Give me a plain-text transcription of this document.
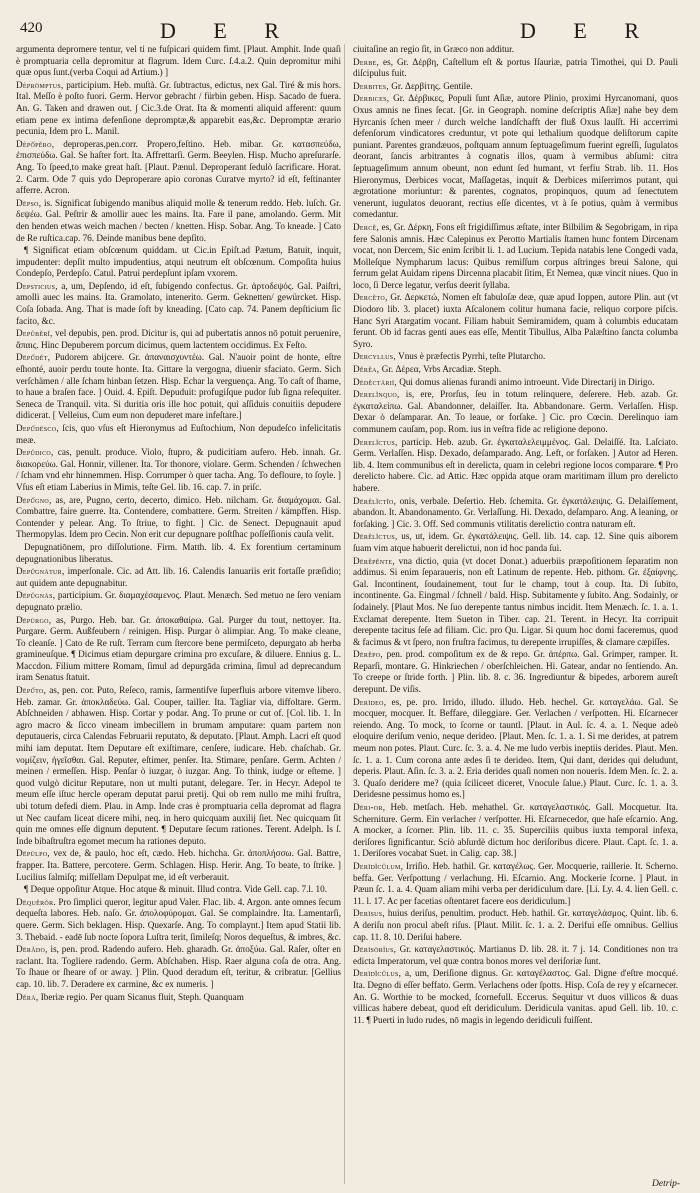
420	D E R	D E R

argumenta depromere tentur, vel ti ne fuſpicari quidem fimt. [Plaut. Amphit. Inde quaſi è promptuaria cella depromitur at flagrum. Idem Curc. ſ.4.a.2. Quin depromitur mihi quæ opus ſunt.(verba Coqui ad Artium.) ]

Dèprōmptus, participium. Heb. muſtà. Gr. ſubtractus, edictus, nex Gal. Tiré & mis hors. Ital. Meſſo è poſto fuori. Germ. Hervor gebracht / fürbin geben. Hisp. Sacado de fuera. An. G. Taken and drawen out. ∫ Cic.3.de Orat. Ita & momenti aliquid afferent: quum etiam pene ex intima defenſione depromptæ,& apparebit eas,&c. Depromptæ ærario pecunia, Idem pro L. Manil.

Dèpŏ́pĕro, deproperas,pen.corr. Propero,feſtino. Heb. mibar. Gr. κατασπεύδω, ἐπισπεύδω. Gal. Se haſter fort. Ita. Affrettarſi. Germ. Beeylen. Hisp. Mucho apreſurarſe. Ang. To ſpeed,to make great haſt. [Plaut. Pænul. Deproperant ſedulò ſacrificare. Horat. 2. Carm. Ode 7 quis ydo Deproperare apio coronas Curatve myrto? id eſt, feſtinanter afferre. Acron.

Dēpſo, is. Significat ſubigendo manibus aliquid molle & tenerum reddo. Heb. luſch. Gr. δεψέω. Gal. Peſtrir & amollir auec les mains. Ita. Fare il pane, amolando. Germ. Mit den henden etwas weich machen / becten / knetten. Hisp. Sobar. Ang. To kneade. ] Cato de Re ruſtica.cap. 76. Deinde manibus bene depſito.

¶ Significat etiam obſcœnum quiddam. ut Cic.in Epiſt.ad Pætum, Batuit, inquit, impudenter: depſit multo impudentius, atqui neutrum eſt obſcœnum. Compoſita huius Condepſo, Perdepſo. Catul. Patrui perdepſunt ipſam vxorem.

Depſticius, a, um, Depſendo, id eſt, ſubigendo confectus. Gr. ἀρτοδεψός. Gal. Paiſtri, amolli auec les mains. Ita. Gramolato, intenerito. Germ. Geknetten/ gewürcket. Hisp. Coſa ſobada. Ang. That is made ſoft by kneading. [Cato cap. 74. Panem depſticium ſic facito, &c.

Depŭbĕrĭ, vel depubis, pen. prod. Dicitur is, qui ad pubertatis annos nō potuit peruenire, ἄπαις. Hinc Depuberem porcum dicimus, quem lactentem occidimus. Ex Feſto.

Dēpŭ́dĕt, Pudorem abijcere. Gr. ἀπαναισχυντέω. Gal. N'auoir point de honte, eſtre eſhonté, auoir perdu toute honte. Ita. Gittare la vergogna, diuenir sfaciato. Germ. Sich verſchämen / alle ſcham hinban ſetzen. Hisp. Echar la verguença. Ang. To caſt of ſhame, to haue a braſen face. ] Ouid. 4. Epiſt. Depuduit: profugiſque pudor ſub ſigna reſequiter. Seneca de Tranquil. vita. Si duritia oris ille hoc potuit, qui aſſiduis conuitiis depudere didicerat. [ Velleius, Cum eum non depuderet mare infeſtare.]

Depŭ́dēſco, ſcis, quo vſus eſt Hieronymus ad Euſtochium, Non depudeſco infelicitatis meæ.

Depŭdico, cas, penult. produce. Violo, ſtupro, & pudicitiam aufero. Heb. innah. Gr. διακορεύω. Gal. Honnir, villener. Ita. Tor thonore, violare. Germ. Schenden / ſchwechen / ſcham vnd ehr hinnemmen. Hisp. Corrumper ò quer tacha. Ang. To defloure, to ſoyle. ] Vſus eſt etiam Laberius in Mimis, teſte Gel. lib. 16. cap. 7. in priſc.

Dēpŭ́gno, as, are, Pugno, certo, decerto, dimico. Heb. nilcham. Gr. διαμάχομαι. Gal. Combattre, faire guerre. Ita. Contendere, combattere. Germ. Streiten / kämpffen. Hisp. Contender y pelear. Ang. To ſtriue, to fight. ] Cic. de Senect. Depugnauit apud Thermopylas. Idem pro Cecin. Non erit cur depugnare poſtſhac poſſeſſionis cauſa velit.

Depugnatiōnem, pro diſſolutione. Firm. Matth. lib. 4. Ex forentium certaminum depugnationibus liberatus.

Depŭ̄gnātur, imperſonale. Cic. ad Att. lib. 16. Calendis Ianuariis erit fortaſſe præſidio; aut quidem ante depugnabitur.

Dēpŭgnās, participium. Gr. διαμαχέσαμενος. Plaut. Menæch. Sed metuo ne ſero veniam depugnato prælio.

Dēpūrgo, as, Purgo. Heb. bar. Gr. ἀποκαθαίρω. Gal. Purger du tout, nettoyer. Ita. Purgare. Germ. Außfeubern / reinigen. Hisp. Purgar ò alimpiar. Ang. To make cleane, To cleanſe. ] Cato de Re ruſt. Terram cum ſtercore bene permiſceto, depurgato ab herba gramineuſque. ¶ Dicimus etiam depurgare crimina pro excuſare, & diluere. Ennius g. L. Maccdon. Filium mittere Romam, ſimul ad depurgāda crimina, ſimul ad deprecandum iram Senatus ſtatuit.

Dēpŭ́to, as, pen. cor. Puto, Reſeco, ramis, ſarmentiſve ſuperfluis arbore vitemve libero. Heb. zamar. Gr. ἀποκλαδεύω. Gal. Couper, tailler. Ita. Tagliar via, diffoltare. Germ. Abſchneiden / abhawen. Hisp. Cortar y podar. Ang. To prune or cut of. [Col. lib. 1. In agro macro & ſicco vineam imbecillem in brumam amputare: quam partem non deputaueris, circa Calendas Februarii reputato, & deputato. [Plaut. Amph. Lacri eſt quod mihi iam deputat. Item Deputare eſt exiſtimare, cenſere, iudicare. Heb. chaſchab. Gr. νομίζειν, ἡγεῖσθαι. Gal. Reputer, eſtimer, penſer. Ita. Stimare, penſare. Germ. Achten / meinen / ermeſſen. Hisp. Penſar ò iuzgar, ò iuzgar. Ang. To think, iudge or eſteme. ] quod vulgò dicitur Reputare, non ut multi putant, delegare. Ter. in Hecyr. Adepol te meum eſſe iſtuc hercle operam deputat parui pretij. Qui ob rem nullo me mihi fruſtra, ubi totum defedi diem. Plau. in Amp. Inde cras è promptuaria cella depromat ad flagra ut Nec caufam liceat dicere mihi, neq. in hero quicquam auxilij ſiet. Nec quicquam ſit quin me omnes eſſe dignum deputent. ¶ Deputare ſecum rationes. Terent. Adelph. Is ſ. Inde bibaſtruſtra egomet mecum ha rationes deputo.

Dēpūlpo, vex de, & paulo, hoc eſt, cædo. Heb. hichcha. Gr. ἀποπλήσσω. Gal. Battre, frapper. Ita. Battere, percotere. Germ. Schlagen. Hisp. Herir. Ang. To beate, to ſtrike. ] Lucilius ſalmiſq; miſſellam Depulpat me, id eſt verberauit.

¶ Deque oppoſitur Atque. Hoc atque & minuit. Illud contra. Vide Gell. cap. 7.l. 10.

Dēquĕrŏr. Pro ſimplici queror, legitur apud Valer. Flac. lib. 4. Argon. ante omnes ſecum dequeſta labores. Heb. naſo. Gr. ἀπολοφύρομαι. Gal. Se complaindre. Ita. Lamentarſi, quere. Germ. Sich beklagen. Hisp. Quexarſe. Ang. To complaynt.] Item apud Statii lib. 3. Thebaid. - eadē ſub nocte ſopora Luſtra terit, ſimileſq; Noros dequeſtus, & imbres, &c.

Dērădo, is, pen. prod. Radendo aufero. Heb. gharadh. Gr. ἀποξύω. Gal. Raſer, oſter en raclant. Ita. Togliere radendo. Germ. Abſchaben. Hisp. Raer alguna coſa de otra. Ang. To ſhaue or ſheare of or away. ] Plin. Quod deradum eſt, teritur, & cribratur. [Gellius cap. 10. lib. 7. Deradere ex carmine, &c ex numeris. ]

Dĕrā, Iberiæ regio. Per quam Sicanus fluit, Steph. Quanquam

ciuitaſine an regio ſit, in Græco non additur.

Derbe, es, Gr. Δέρβη, Caſtellum eſt & portus Iſauriæ, patria Timothei, qui D. Pauli diſcipulus fuit.

Derbites, Gr. Δερβίτης. Gentile.

Derbices, Gr. Δέρβικες, Populi ſunt Aſiæ, autore Plinio, proximi Hyrcanomani, quos Oxus amnis ne fines ſecat. [Gr. in Geograph. nomine deſcriptis Aſiæ] nahe bey dem Hyrcanis ſchen meer / durch welche landſchafft der fluß Oxus lauſſt. Hi accerrimi defenſorum vindicatores creduntur, vt pote qui lethalium quodque deliſtorum capite puniant. Parentes grandæuos, poſtquam annum ſeptuageſimum fuerint egreſſi, ſugulatos deorant, ſancis arbitrantes à cognatis illos, quam à vermibus abſumi: citra ſeptuageſimum annum obeunt, non edunt ſed humant, vt ferfiu Strab. lib. 11. Hos Hieronymus, Derbices vocat, Maſſagetas, inquit & Derbices miſerrimos putant, qui ægrotatione moriuntur: & parentes, cognatos, propinquos, quum ad ſenectutem venerunt, iugulatos deuorant, rectius eſſe dicentes, vt à ſe potius, quàm à vermibus comedantur.

Dercĕ, es, Gr. Δέρκη, Fons eſt frigidiſſimus æſtate, inter Bilbilim & Segobrigam, in ripa fere Salonis amnis. Hæc Calepinus ex Perotto Martialis ſtamen hunc fontem Dircenam vocat, non Dercem, Sic enim ſcribit li. 1. ad Lucium. Tepida natabis lene Congedi vada, Molleſque Nympharum lacus: Quibus remiſſum corpus aſtringes breui Salone, qui ferrum gelat Auidam ripens Dircenna placabit ſitim, Et Nemea, quæ vincit niues. Quo in loco, ſi Derce legatur, verſus deerit ſyllaba.

Dercĕto, Gr. Δερκετώ, Nomen eſt fabuloſæ deæ, quæ apud Ioppen, autore Plin. aut (vt Diodoro lib. 3. placet) iuxta Aſcalonem colitur humana facie, reliquo corpore piſcis. Hanc Syri Atargatim vocant. Filiam habuit Semiramidem, quam à columbis educatam ferunt. Ob id facras genti aues eas eſſe, Mentit Tibullus, Alba Palæſtino ſancta columba Syro.

Dercyllus, Vnus è præfectis Pyrrhi, teſte Plutarcho.

Dĕrĕa, Gr. Δέρεα, Vrbs Arcadiæ. Steph.

Dēdĕctāriī, Qui domus alienas furandi animo introeunt. Vide Directarij in Dirigo.

Derelĭnquo, is, ere, Prorſus, ſeu in totum relinquere, deſerere. Heb. azab. Gr. ἐγκαταλείπω. Gal. Abandonner, delaiſſer. Ita. Abbandonare. Germ. Verlaſſen. Hisp. Dexar ò deſamparar. An. To leaue, or forſake. ] Cic. pro Cœcin. Derelinquo iam communem cauſam, pop. Rom. ius in veſtra fide ac religione depono.

Derelĭctus, particip. Heb. azub. Gr. ἐγκαταλελειμμένος. Gal. Delaiſſé. Ita. Laſciato. Germ. Verlaſſen. Hisp. Dexado, deſamparado. Ang. Left, or forſaken. ] Autor ad Heren. lib. 4. Item communibus eſt in derelicta, quam in celebri regione locos comparare. ¶ Pro derelicto habere. Cic. ad Attic. Hæc oppida atque oram maritimam illum pro derelicto habere.

Dērĕlĭctĭo, onis, verbale. Deſertio. Heb. ſchemita. Gr. ἐγκατάλειψις. G. Delaiſſement, abandon. It. Abandonamento. Gr. Verlaſſung. Hi. Dexado, deſamparo. Ang. A leaning, or forſaking. ] Cic. 3. Off. Sed communis vtilitatis derelictio contra naturam eſt.

Dērĕlĭctus, us, ut, idem. Gr. ἐγκατάλειψις. Gell. lib. 14. cap. 12. Sine quis aiborem ſuam vim atque habuerit derelictui, non id hoc panda ſui.

Dērĕpĕnte, vna dictio, quia (vt docet Donat.) aduerbiis præpoſitionem ſeparatim non addimus. Si enim ſeparaueris, non eſt Latinum de repente. Heb. pithom. Gr. ἐξαίφνης. Gal. Incontinent, ſoudainement, tout ſur le champ, tout à coup. Ita. Di ſubito, incontinente. Ga. Eingmal / ſchnell / bald. Hisp. Subitamente y ſubito. Ang. Sodainly, or ſodainely. [Plaut Mos. Ne ſuo derepente tantus nimbus incidit. Item Menæch. ſc. 1. a. 1. Exclamat derepente. Item Sueton in Tiber. cap. 21. Terent. in Hecyr. Ita corripuit derepente tacitus ſeſe ad filiam. Cic. pro Qu. Ligar. Si quum hoc domi faceremus, quod & facimus & vt ſpero, non fruſtra facimus, tu derepente irrupiſſes, & clamare cæpiſſes.

Dērĕpo, pen. prod. compoſitum ex de & repo. Gr. ἀπέρπω. Gal. Grimper, ramper. It. Reparſi, montare. G. Hinkriechen / oberſchleichen. Hi. Gatear, andar no ſentiendo. An. To creepe or ſtride forth. ] Plin. lib. 8. c. 36. Ingrediuntur & bipedes, arborem aureſt derepunt. De viſis.

Derīdeo, es, pe. pro. Irrido, illudo. illudo. Heb. hechel. Gr. καταγελάω. Gal. Se mocquer, mocquer. It. Beffare, dileggiare. Ger. Verlachen / verſpotten. Hi. Eſcarnecer reiendo. Ang. To mock, to ſcorne or tauntl. [Plaut. in Aul. ſc. 4. a. 1. Neque adeò eloquire deriſum venio, neque derideo. [Plaut. Men. ſc. 1. a. 1. Si me derides, at patrem meum non potes. Plaut. Curc. ſc. 3. a. 4. Ne me ludo verbis ineptiis derides. Plaut. Men. ſc. 1. a. 1. Cum corona ante ædes ſi te derideo. Item, Qui dant, derides qui deludunt, deperis. Plaut. Aſin. ſc. 3. a. 2. Eria derides quaſi nomen non noueris. Idem Men. ſc. 2. a. 3. Quaſo deridere me? (quia ſciliceet diceret, Vnocule ſalue.) Plaut. Curc. ſc. 1. a. 3. Deridesne pessimus homo es.]

Dēri-or, Heb. metſach. Heb. mehathel. Gr. καταγελαστικός. Gall. Mocquetur. Ita. Scherniture. Germ. Ein verlacher / verſpotter. Hi. Eſcarnecedor, que haſe eſcarnio. Ang. A mocker, a ſcorner. Plin. lib. 11. c. 35. Superciliis quibus iuxta temporal infexa, deriſores ſignificantur. Sciò abſurdè dictum hoc deriſoribus dicere. Plaut. Capt. ſc. 1. a. 1. Deriſores vocabat Suet. in Calig. cap. 38.]

Derīdĭcŭlum, Irriſio. Heb. hathil. Gr. καταγέλως. Ger. Mocquerie, raillerie. It. Scherno. beffa. Ger. Verſpottung / verlachung. Hi. Eſcarnio. Ang. Mockerie ſcorne. ] Plaut. in Pæun ſc. 1. a. 4. Quam aliam mihi verba per deridiculum dare. [Li. Ly. 4. 4. lien Gell. c. 11. l. 17. Ac per facetias oſtentaret facere eos deridiculum.]

Derīſus, huius deriſus, penultim. product. Heb. hathil. Gr. καταγελάσμος. Quint. lib. 6. A deriſu non procul abeſt riſus. [Plaut. Milit. ſc. 1. a. 2. Derifui eſſe omnibus. Gellius cap. 11. 8. 10. Deriſui habere.

Dērīſōrĭus, Gr. καταγελαστικός. Martianus D. lib. 28. it. 7 j. 14. Conditiones non tra edicta Imperatorum, vel quæ contra bonos mores vel deriſoriæ ſunt.

Derīdĭcŭlus, a, um, Deriſione dignus. Gr. καταγέλαστος. Gal. Digne d'eſtre mocqué. Ita. Degno di eſſer beffato. Germ. Verlachens oder ſpotts. Hisp. Coſa de rey y eſcarnecer. An. G. Worthie to be mocked, ſcornefull. Eccerus. Sequitur vt duos villicos & duas villicas habere debeat, quod eſt deridiculum. Deridicula vanitas. apud Gell. lib. 10. c. 11. ¶ Puerti in ludo rudes, nō magis in legendo deridiculi fuiſſent.

Detrip-
